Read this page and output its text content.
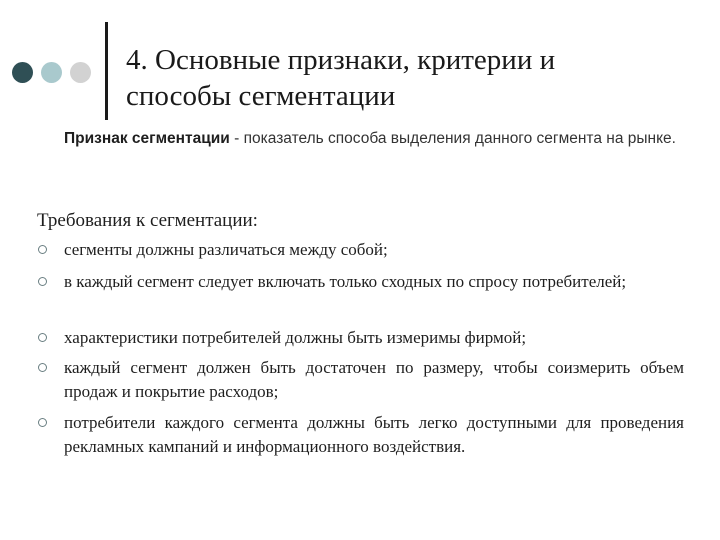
4. Основные признаки, критерии и
способы сегментации
Признак сегментации - показатель способа выделения данного сегмента на рынке.
Требования к сегментации:
сегменты должны различаться между собой;
в каждый сегмент следует включать только сходных по спросу потребителей;
характеристики потребителей должны быть измеримы фирмой;
каждый сегмент должен быть достаточен по размеру, чтобы соизмерить объем продаж и покрытие расходов;
потребители каждого сегмента должны быть легко доступными для проведения рекламных кампаний и информационного воздействия.
